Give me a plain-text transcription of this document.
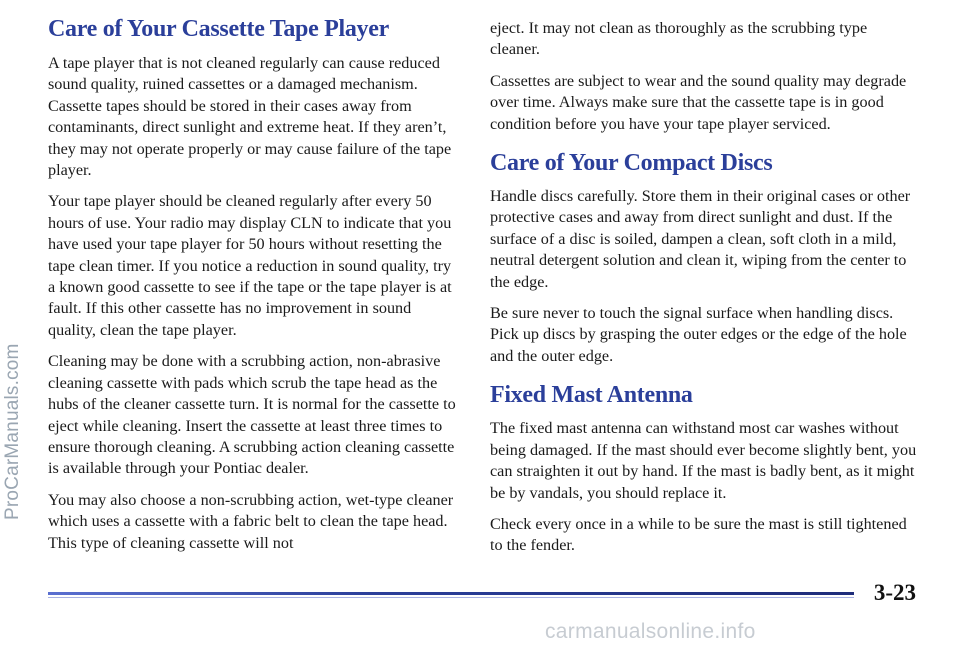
Care of Your Cassette Tape Player

A tape player that is not cleaned regularly can cause reduced sound quality, ruined cassettes or a damaged mechanism. Cassette tapes should be stored in their cases away from contaminants, direct sunlight and extreme heat. If they aren’t, they may not operate properly or may cause failure of the tape player.

Your tape player should be cleaned regularly after every 50 hours of use. Your radio may display CLN to indicate that you have used your tape player for 50 hours without resetting the tape clean timer. If you notice a reduction in sound quality, try a known good cassette to see if the tape or the tape player is at fault. If this other cassette has no improvement in sound quality, clean the tape player.

Cleaning may be done with a scrubbing action, non-abrasive cleaning cassette with pads which scrub the tape head as the hubs of the cleaner cassette turn. It is normal for the cassette to eject while cleaning. Insert the cassette at least three times to ensure thorough cleaning. A scrubbing action cleaning cassette is available through your Pontiac dealer.

You may also choose a non-scrubbing action, wet-type cleaner which uses a cassette with a fabric belt to clean the tape head. This type of cleaning cassette will not

eject. It may not clean as thoroughly as the scrubbing type cleaner.

Cassettes are subject to wear and the sound quality may degrade over time. Always make sure that the cassette tape is in good condition before you have your tape player serviced.

Care of Your Compact Discs

Handle discs carefully. Store them in their original cases or other protective cases and away from direct sunlight and dust. If the surface of a disc is soiled, dampen a clean, soft cloth in a mild, neutral detergent solution and clean it, wiping from the center to the edge.

Be sure never to touch the signal surface when handling discs. Pick up discs by grasping the outer edges or the edge of the hole and the outer edge.

Fixed Mast Antenna

The fixed mast antenna can withstand most car washes without being damaged. If the mast should ever become slightly bent, you can straighten it out by hand. If the mast is badly bent, as it might be by vandals, you should replace it.

Check every once in a while to be sure the mast is still tightened to the fender.

ProCarManuals.com
3-23
carmanualsonline.info
